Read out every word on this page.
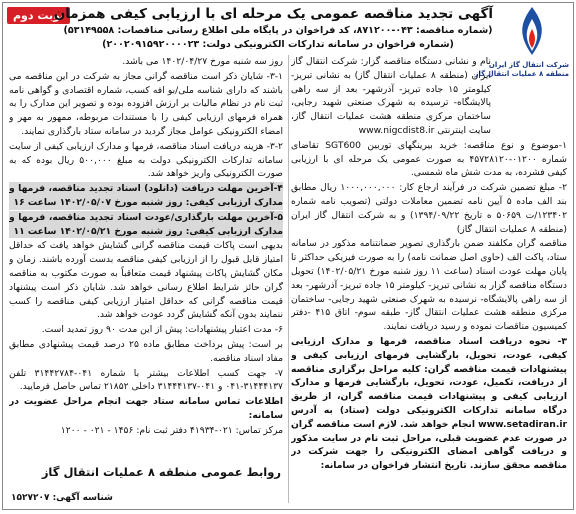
نوبت دوم
آگهی تجدید مناقصه عمومی یک مرحله ای با ارزیابی کیفی همزمان
(شماره مناقصه: ۰۴۳-۸۷۱۲۰۰، کد فراخوان در پایگاه ملی اطلاع رسانی مناقصات: ۵۳۱۴۹۵۵۸)
(شماره فراخوان در سامانه تدارکات الکترونیکی دولت: ۲۰۰۲۰۹۱۵۹۲۰۰۰۰۲۳)
شرکت انتقال گاز ایران
منطقه ۸ عملیات انتقال گاز

نام و نشانی دستگاه مناقصه گزار: شرکت انتقال گاز ایران (منطقه ۸ عملیات انتقال گاز) به نشانی تبریز- کیلومتر ۱۵ جاده تبریز- آذرشهر- بعد از سه راهی پالایشگاه- ترسیده به شهرک صنعتی شهید رجایی، ساختمان مرکزی منطقه هشت عملیات انتقال گاز، سایت اینترنتی www.nigcdist8.ir

۱-موضوع و نوع مناقصه: خرید بیرینگهای توربین SGT600 تقاضای شماره ۰۱۲۰۰-۴۵۷۲۸۱۲۰ به صورت عمومی یک مرحله ای با ارزیابی کیفی فشرده، به مدت شش ماه شمسی.

۲- مبلغ تضمین شرکت در فرآیند ارجاع کار: ۱۰۰۰,۰۰۰,۰۰۰ ریال مطابق بند الف ماده ۵ آیین نامه تضمین معاملات دولتی (تصویب نامه شماره ۱۲۳۴۰۲/ت ۵۰۶۵۹ ه تاریخ ۱۳۹۴/۰۹/۲۲) و به شرکت انتقال گاز ایران (منطقه ۸ عملیات انتقال گاز)

مناقصه گران مکلفند ضمن بارگذاری تصویر ضمانتنامه مذکور در سامانه ستاد، پاکت الف (حاوی اصل ضمانت نامه) را به صورت فیزیکی حداکثر تا پایان مهلت عودت اسناد (ساعت ۱۱ روز شنبه مورخ ۱۴۰۲/۰۵/۲۱) تحویل دستگاه مناقصه گزار به نشانی تبریز- کیلومتر ۱۵ جاده تبریز- آذرشهر- بعد از سه راهی پالایشگاه- نرسیده به شهرک صنعتی شهید رجایی- ساختمان مرکزی منطقه هشت عملیات انتقال گاز- طبقه سوم- اتاق ۴۱۵ -دفتر کمیسیون مناقصات نموده و رسید دریافت نمایند.

۳- نحوه دریافت اسناد مناقصه، فرمها و مدارک ارزیابی کیفی، عودت، تحویل، بارگشایی فرمهای ارزیابی کیفی و پیشنهادات قیمت مناقصه گران: کلیه مراحل برگزاری مناقصه از دریافت، تکمیل، عودت، تحویل، بارگشایی فرمها و مدارک ارزیابی کیفی و پیشنهادات قیمت مناقصه گران، از طریق درگاه سامانه تدارکات الکترونیکی دولت (ستاد) به آدرس www.setadiran.ir انجام خواهد شد. لازم است مناقصه گران در صورت عدم عضویت قبلی، مراحل ثبت نام در سایت مذکور و دریافت گواهی امضای الکترونیکی را جهت شرکت در مناقصه محقق سازند. تاریخ انتشار فراخوان در سامانه:

روز سه شنبه مورخ ۱۴۰۲/۰۴/۲۷ می باشد.

۳-۱- شایان ذکر است مناقصه گرانی مجاز به شرکت در این مناقصه می باشند که دارای شناسه ملی/بو افه کسب، شماره اقتصادی و گواهی نامه ثبت نام در نظام مالیات بر ارزش افزوده بوده و تصویر این مدارک را به همراه فرمهای ارزیابی کیفی را با مستندات مربوطه، ممهور به مهر و امضاء الکترونیکی عوامل مجاز گردید در سامانه ستاد بارگذاری نمایند.

۳-۲- هزینه دریافت اسناد مناقصه، فرمها و مدارک ارزیابی کیفی از سایت سامانه تدارکات الکترونیکی دولت به مبلغ ۵۰۰,۰۰۰ ریال بوده که به صورت الکترونیکی واریز خواهد شد.

۴-آخرین مهلت دریافت (دانلود) اسناد تجدید مناقصه، فرمها و مدارک ارزیابی کیفی: روز شنبه مورخ ۱۴۰۲/۰۵/۰۷ ساعت ۱۶

۵-آخرین مهلت بارگذاری/عودت اسناد تجدید مناقصه، فرمها و مدارک ارزیابی کیفی: روز شنبه مورخ ۱۴۰۲/۰۵/۲۱ ساعت ۱۱

بدیهی است پاکات قیمت مناقصه گرانی گشایش خواهد یافت که حداقل امتیاز قابل قبول را از ارزیابی کیفی مناقصه بدست آورده باشند. زمان و مکان گشایش پاکات پیشنهاد قیمت متعاقباً به صورت مکتوب به مناقصه گران حائز شرایط اطلاع رسانی خواهد شد. شایان ذکر است پیشنهاد قیمت مناقصه گرانی که حداقل امتیاز ارزیابی کیفی مناقصه را کسب ننمایند بدون آنکه گشایش گردد عودت خواهد شد.

۶- مدت اعتبار پیشنهادات: پیش از این مدت ۹۰ روز تمدید است.

بر است: پیش برداخت مطابق ماده ۲۵ درصد قیمت پیشنهادی مطابق مفاد اسناد مناقصه.

۷- جهت کسب اطلاعات بیشتر با شماره ۰۴۱-۳۱۴۴۲۷۸۴ تلفن ۳۱۴۴۴۱۳۷-۰۴۱ و ۰۴۱-۳۱۴۴۴۱۳۷ داخلی ۲۱۸۵۲ تماس حاصل فرمایید.

اطلاعات تماس سامانه ستاد جهت انجام مراحل عضویت در سامانه:

مرکز تماس: ۰۲۱-۴۱۹۳۴ دفتر ثبت نام: ۱۴۵۶ - ۰۲۱ - ۱۲۰۰

روابط عمومی منطقه ۸ عملیات انتقال گاز
شناسه آگهی: ۱۵۲۷۲۰۷
